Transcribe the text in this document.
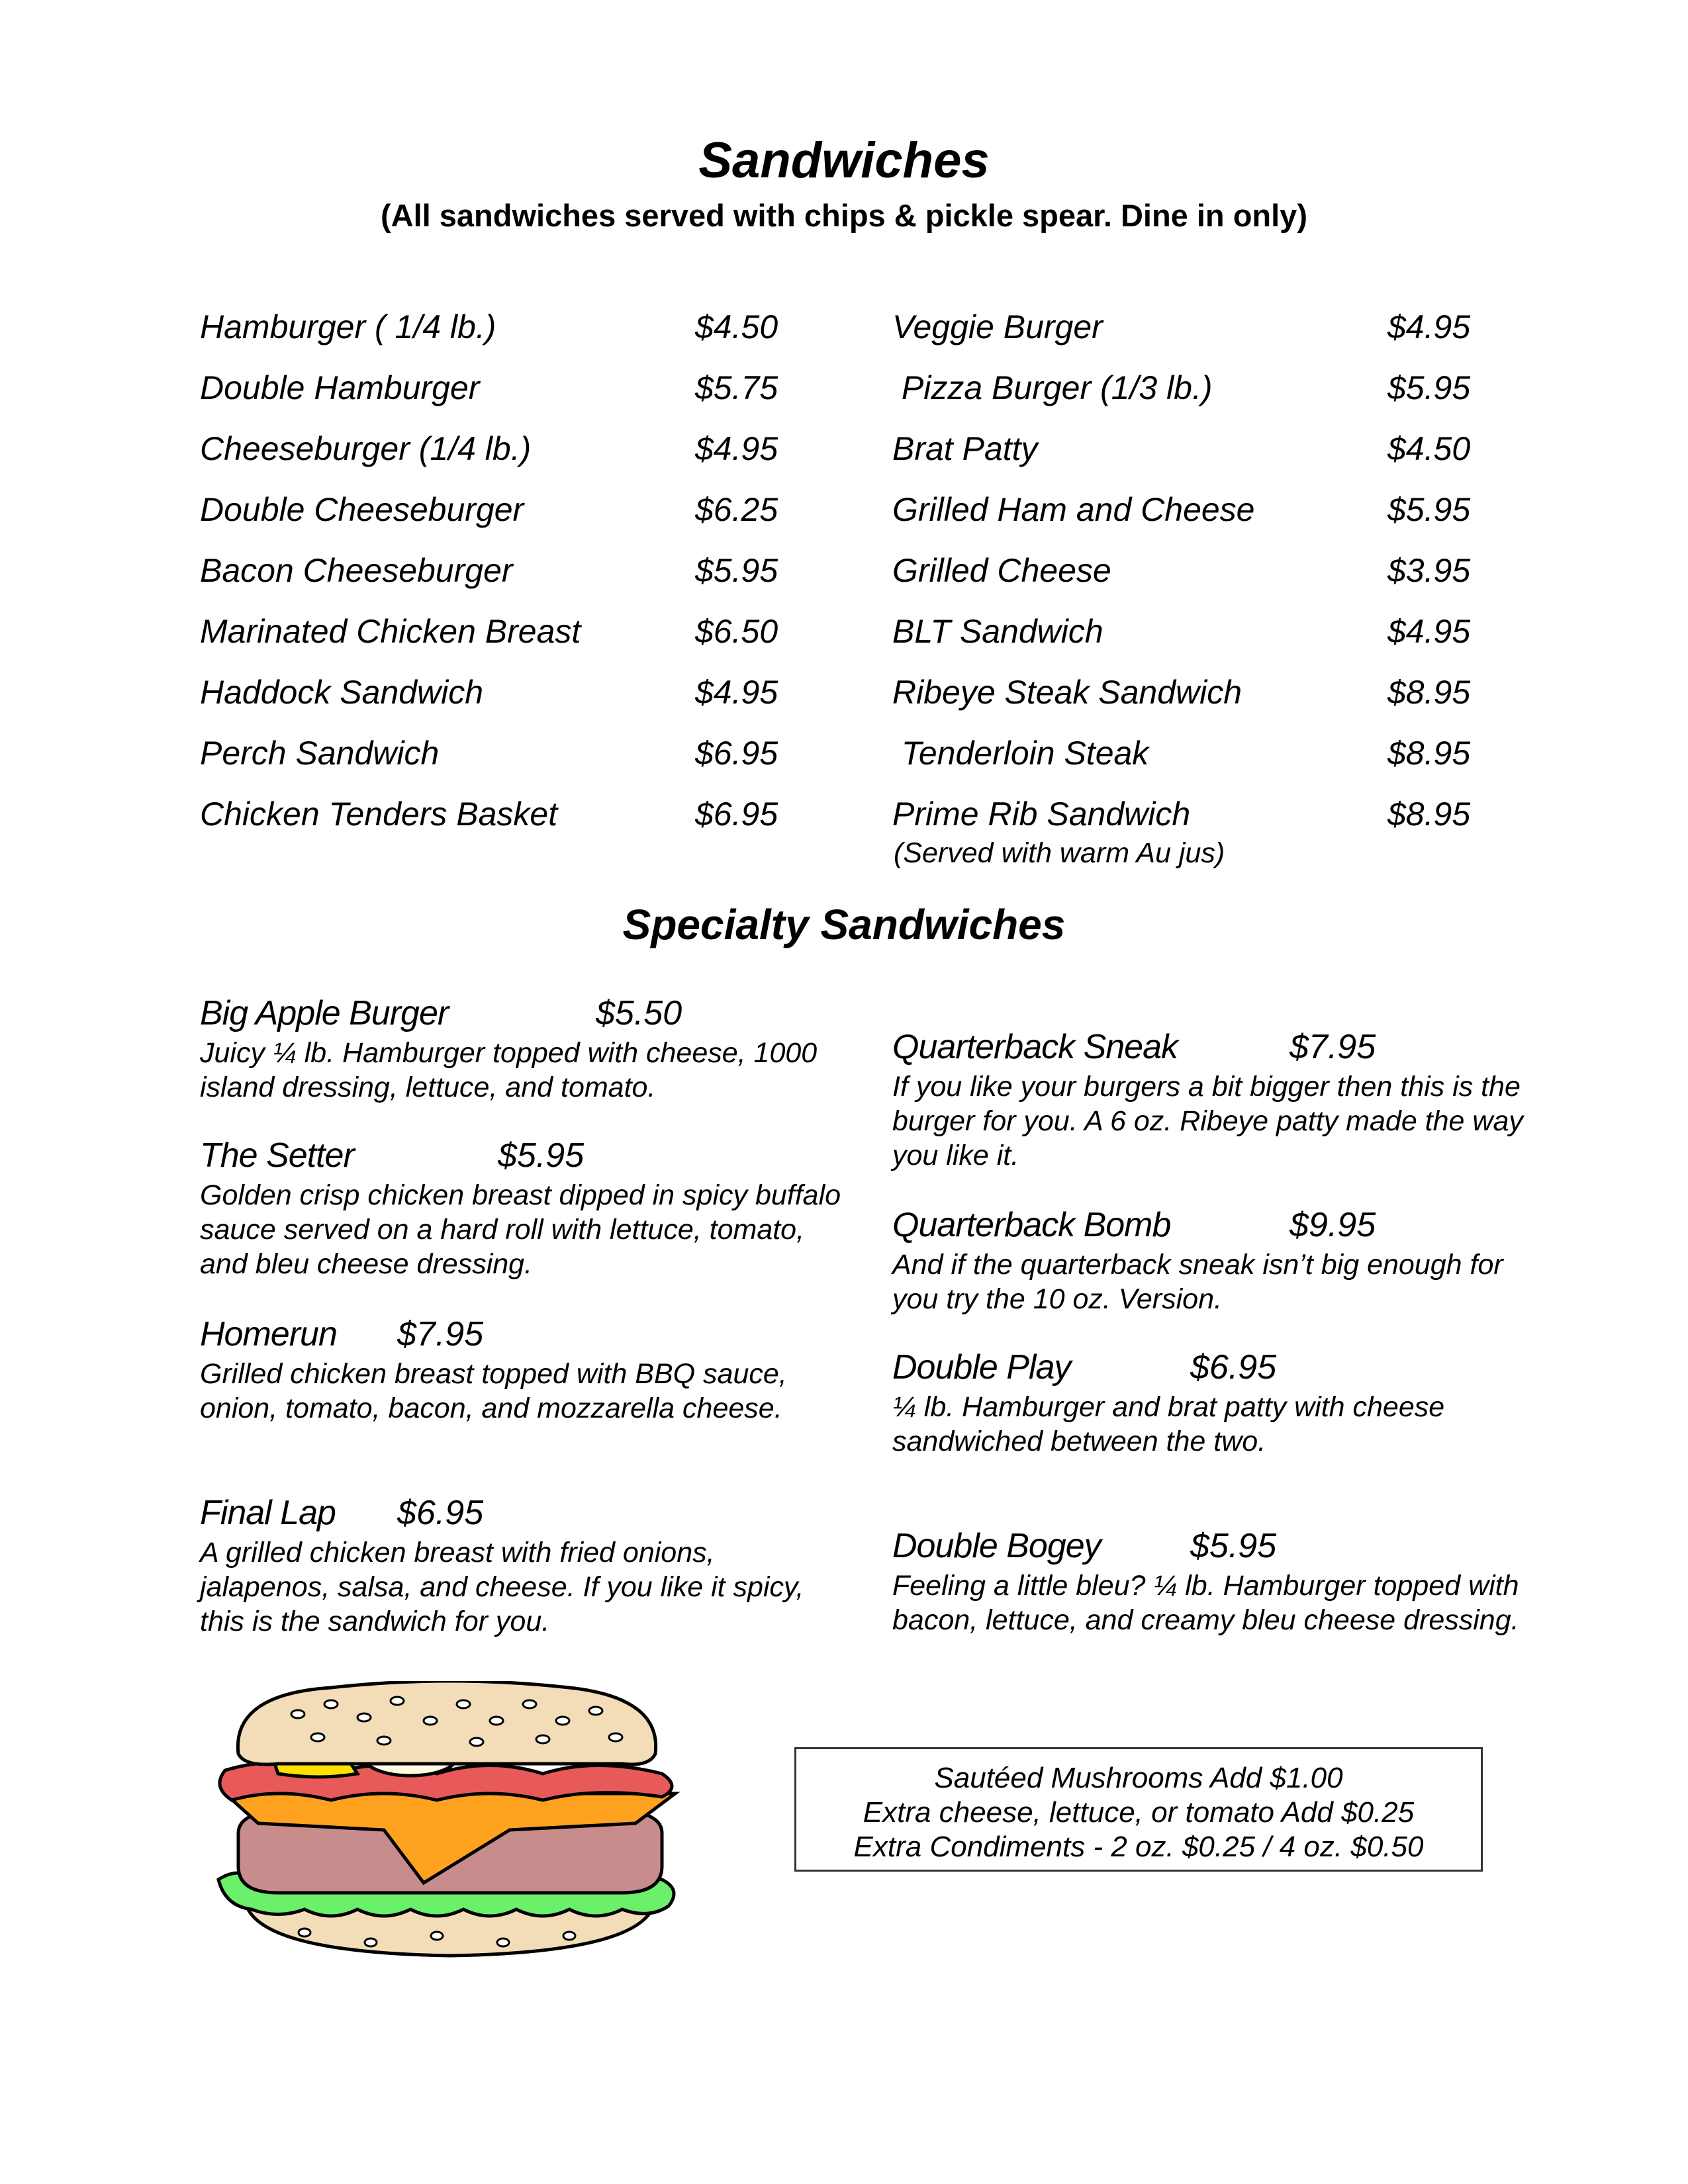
Sandwiches
(All sandwiches served with chips & pickle spear. Dine in only)
Hamburger ( 1/4 lb.)	$4.50
Double Hamburger	$5.75
Cheeseburger (1/4 lb.)	$4.95
Double Cheeseburger	$6.25
Bacon Cheeseburger	$5.95
Marinated Chicken Breast	$6.50
Haddock Sandwich	$4.95
Perch Sandwich	$6.95
Chicken Tenders Basket	$6.95
Veggie Burger	$4.95
Pizza Burger (1/3 lb.)	$5.95
Brat Patty	$4.50
Grilled Ham and Cheese	$5.95
Grilled Cheese	$3.95
BLT Sandwich	$4.95
Ribeye Steak Sandwich	$8.95
Tenderloin Steak	$8.95
Prime Rib Sandwich	$8.95
(Served with warm Au jus)
Specialty Sandwiches
Big Apple Burger	$5.50
Juicy ¼ lb. Hamburger topped with cheese, 1000 island dressing, lettuce, and tomato.
The Setter	$5.95
Golden crisp chicken breast dipped in spicy buffalo sauce served on a hard roll with lettuce, tomato, and bleu cheese dressing.
Homerun $7.95
Grilled chicken breast topped with BBQ sauce, onion, tomato, bacon, and mozzarella cheese.
Final Lap $6.95
A grilled chicken breast with fried onions, jalapenos, salsa, and cheese. If you like it spicy, this is the sandwich for you.
Quarterback Sneak	$7.95
If you like your burgers a bit bigger then this is the burger for you. A 6 oz. Ribeye patty made the way you like it.
Quarterback Bomb	$9.95
And if the quarterback sneak isn’t big enough for you try the 10 oz. Version.
Double Play	$6.95
¼ lb. Hamburger and brat patty with cheese sandwiched between the two.
Double Bogey	$5.95
Feeling a little bleu? ¼ lb. Hamburger topped with bacon, lettuce, and creamy bleu cheese dressing.
Sautéed Mushrooms Add $1.00
Extra cheese, lettuce, or tomato Add $0.25
Extra Condiments - 2 oz. $0.25 / 4 oz. $0.50
